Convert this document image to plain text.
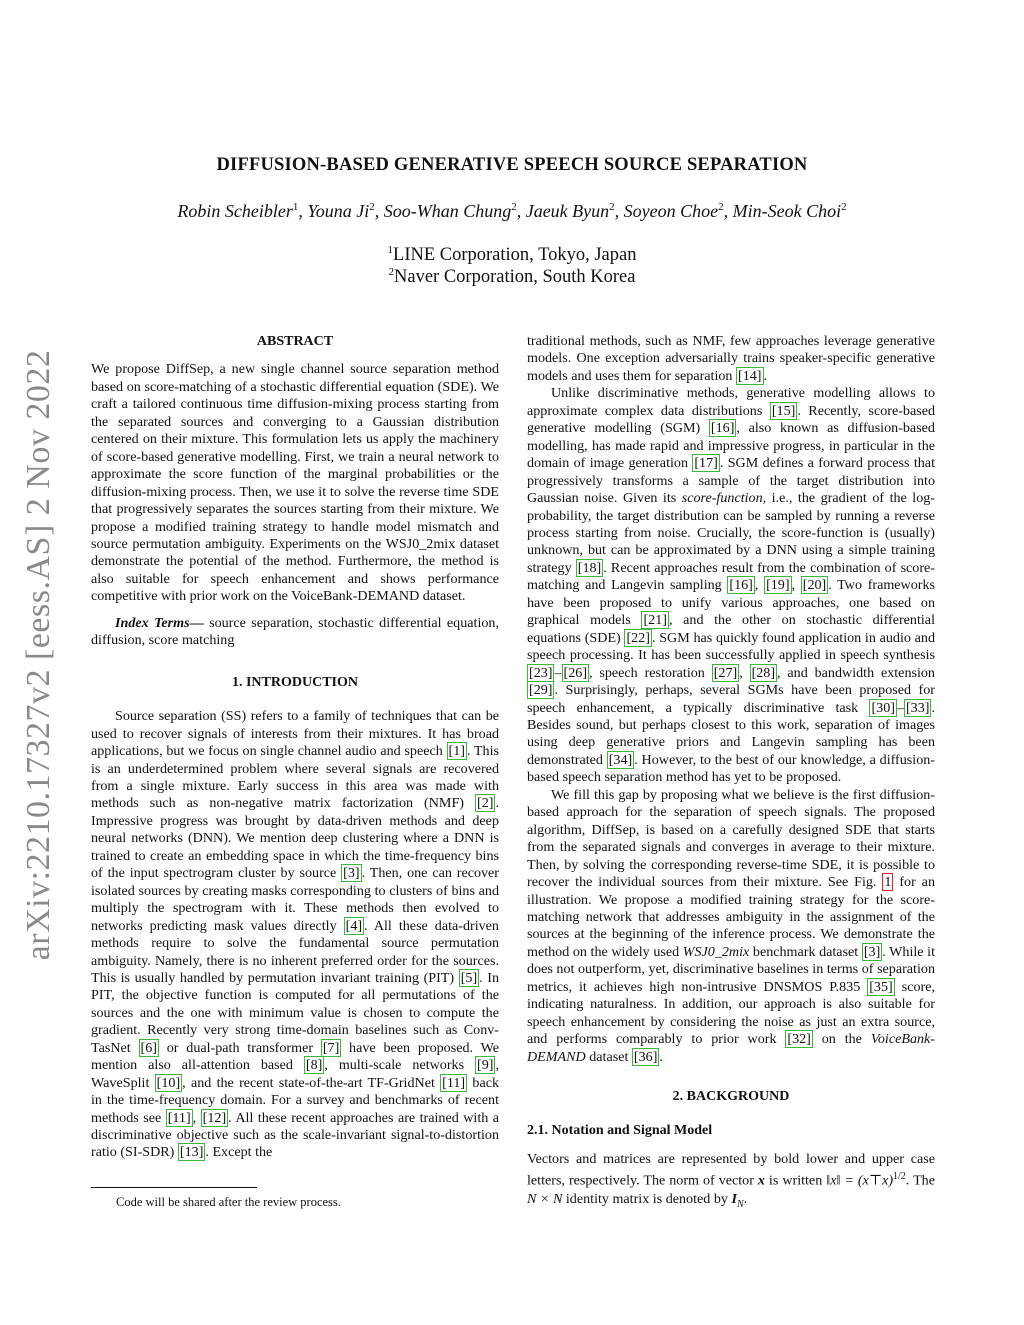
arXiv:2210.17327v2 [eess.AS] 2 Nov 2022
DIFFUSION-BASED GENERATIVE SPEECH SOURCE SEPARATION
Robin Scheibler$^1$, Youna Ji$^2$, Soo-Whan Chung$^2$, Jaeuk Byun$^2$, Soyeon Choe$^2$, Min-Seok Choi$^2$
$^1$LINE Corporation, Tokyo, Japan
$^2$Naver Corporation, South Korea

ABSTRACT

We propose DiffSep, a new single channel source separation method based on score-matching of a stochastic differential equation (SDE). We craft a tailored continuous time diffusion-mixing process starting from the separated sources and converging to a Gaussian distribution centered on their mixture. This formulation lets us apply the machinery of score-based generative modelling. First, we train a neural network to approximate the score function of the marginal probabilities or the diffusion-mixing process. Then, we use it to solve the reverse time SDE that progressively separates the sources starting from their mixture. We propose a modified training strategy to handle model mismatch and source permutation ambiguity. Experiments on the WSJ0_2mix dataset demonstrate the potential of the method. Furthermore, the method is also suitable for speech enhancement and shows performance competitive with prior work on the VoiceBank-DEMAND dataset.

Index Terms— source separation, stochastic differential equation, diffusion, score matching

1. INTRODUCTION

Source separation (SS) refers to a family of techniques that can be used to recover signals of interests from their mixtures. It has broad applications, but we focus on single channel audio and speech [1] . This is an underdetermined problem where several signals are recovered from a single mixture. Early success in this area was made with methods such as non-negative matrix factorization (NMF) [2] . Impressive progress was brought by data-driven methods and deep neural networks (DNN). We mention deep clustering where a DNN is trained to create an embedding space in which the time-frequency bins of the input spectrogram cluster by source [3] . Then, one can recover isolated sources by creating masks corresponding to clusters of bins and multiply the spectrogram with it. These methods then evolved to networks predicting mask values directly [4] . All these data-driven methods require to solve the fundamental source permutation ambiguity. Namely, there is no inherent preferred order for the sources. This is usually handled by permutation invariant training (PIT) [5] . In PIT, the objective function is computed for all permutations of the sources and the one with minimum value is chosen to compute the gradient. Recently very strong time-domain baselines such as Conv-TasNet [6] or dual-path transformer [7] have been proposed. We mention also all-attention based [8] , multi-scale networks [9] , WaveSplit [10] , and the recent state-of-the-art TF-GridNet [11] back in the time-frequency domain. For a survey and benchmarks of recent methods see [11] , [12] . All these recent approaches are trained with a discriminative objective such as the scale-invariant signal-to-distortion ratio (SI-SDR) [13] . Except the

Code will be shared after the review process.

traditional methods, such as NMF, few approaches leverage generative models. One exception adversarially trains speaker-specific generative models and uses them for separation [14] .

Unlike discriminative methods, generative modelling allows to approximate complex data distributions [15] . Recently, score-based generative modelling (SGM) [16] , also known as diffusion-based modelling, has made rapid and impressive progress, in particular in the domain of image generation [17] . SGM defines a forward process that progressively transforms a sample of the target distribution into Gaussian noise. Given its score-function, i.e., the gradient of the log-probability, the target distribution can be sampled by running a reverse process starting from noise. Crucially, the score-function is (usually) unknown, but can be approximated by a DNN using a simple training strategy [18] . Recent approaches result from the combination of score-matching and Langevin sampling [16] , [19] , [20] . Two frameworks have been proposed to unify various approaches, one based on graphical models [21] , and the other on stochastic differential equations (SDE) [22] . SGM has quickly found application in audio and speech processing. It has been successfully applied in speech synthesis [23] – [26] , speech restoration [27] , [28] , and bandwidth extension [29] . Surprisingly, perhaps, several SGMs have been proposed for speech enhancement, a typically discriminative task [30] – [33] . Besides sound, but perhaps closest to this work, separation of images using deep generative priors and Langevin sampling has been demonstrated [34] . However, to the best of our knowledge, a diffusion-based speech separation method has yet to be proposed.

We fill this gap by proposing what we believe is the first diffusion-based approach for the separation of speech signals. The proposed algorithm, DiffSep, is based on a carefully designed SDE that starts from the separated signals and converges in average to their mixture. Then, by solving the corresponding reverse-time SDE, it is possible to recover the individual sources from their mixture. See Fig. 1 for an illustration. We propose a modified training strategy for the score-matching network that addresses ambiguity in the assignment of the sources at the beginning of the inference process. We demonstrate the method on the widely used WSJ0_2mix benchmark dataset [3] . While it does not outperform, yet, discriminative baselines in terms of separation metrics, it achieves high non-intrusive DNSMOS P.835 [35] score, indicating naturalness. In addition, our approach is also suitable for speech enhancement by considering the noise as just an extra source, and performs comparably to prior work [32] on the VoiceBank-DEMAND dataset [36] .

2. BACKGROUND

2.1. Notation and Signal Model

Vectors and matrices are represented by bold lower and upper case letters, respectively. The norm of vector x is written ‖x‖ = (x⊤x)$^{1/2}$. The N × N identity matrix is denoted by $I_N$.
